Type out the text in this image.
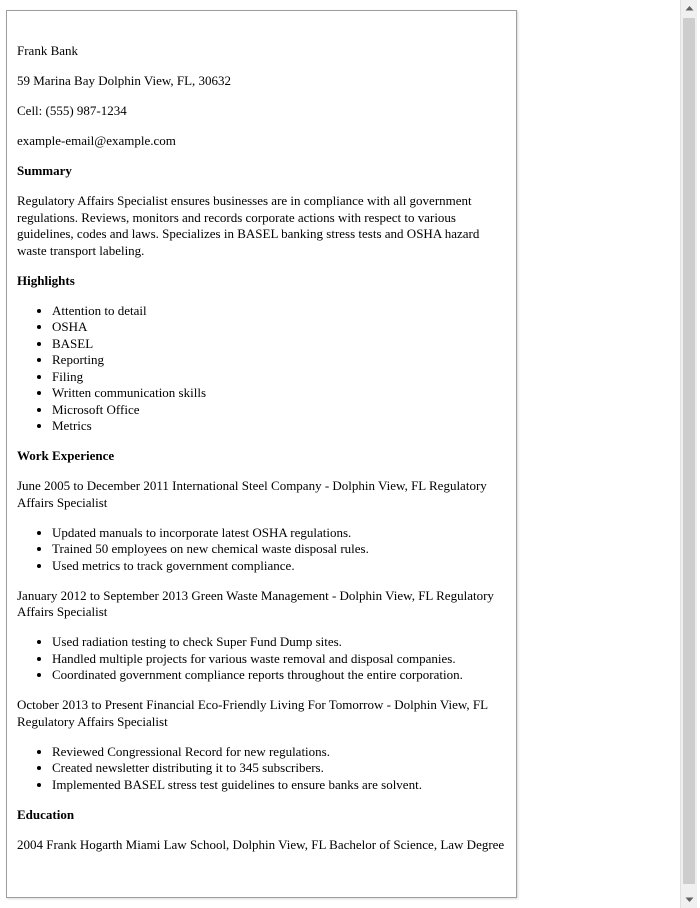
Frank Bank

59 Marina Bay Dolphin View, FL, 30632

Cell: (555) 987-1234

example-email@example.com

Summary

Regulatory Affairs Specialist ensures businesses are in compliance with all government regulations. Reviews, monitors and records corporate actions with respect to various guidelines, codes and laws. Specializes in BASEL banking stress tests and OSHA hazard waste transport labeling.

Highlights
• Attention to detail
• OSHA
• BASEL
• Reporting
• Filing
• Written communication skills
• Microsoft Office
• Metrics
Work Experience

June 2005 to December 2011 International Steel Company - Dolphin View, FL Regulatory Affairs Specialist

• Updated manuals to incorporate latest OSHA regulations.
• Trained 50 employees on new chemical waste disposal rules.
• Used metrics to track government compliance.

January 2012 to September 2013 Green Waste Management - Dolphin View, FL Regulatory Affairs Specialist

• Used radiation testing to check Super Fund Dump sites.
• Handled multiple projects for various waste removal and disposal companies.
• Coordinated government compliance reports throughout the entire corporation.

October 2013 to Present Financial Eco-Friendly Living For Tomorrow - Dolphin View, FL Regulatory Affairs Specialist

• Reviewed Congressional Record for new regulations.
• Created newsletter distributing it to 345 subscribers.
• Implemented BASEL stress test guidelines to ensure banks are solvent.
Education

2004 Frank Hogarth Miami Law School, Dolphin View, FL Bachelor of Science, Law Degree
